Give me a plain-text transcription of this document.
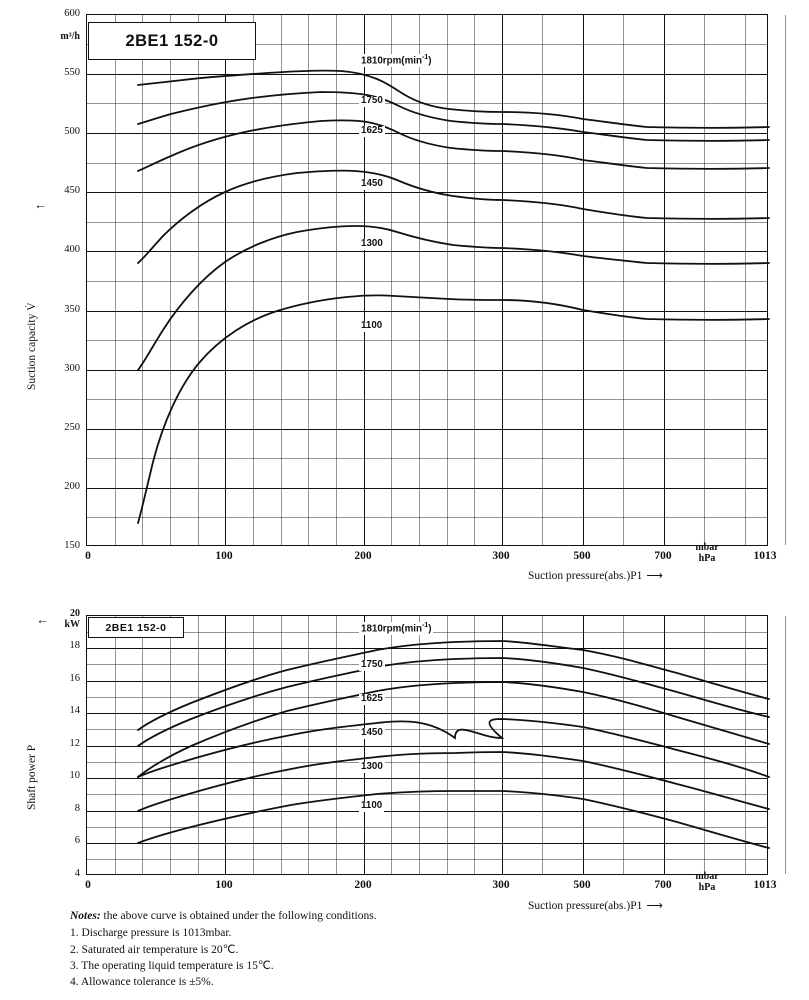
$1810rpm(\min^{-1})$
1750
1625
1450
1300
1100
2BE1 152-0
m³/h
600
550
500
450
400
350
300
250
200
150
↑
Suction capacity V
0	100	200	300	500	700	1013
mbar
hPa
Suction pressure(abs.)P1 ⟶
$1810rpm(\min^{-1})$
1750
1625
1450
1300
1100
2BE1 152-0
20
kW
18
16
14
12
10
8
6
4
↑
Shaft power P
0	100	200	300	500	700	1013
mbar
hPa
Suction pressure(abs.)P1 ⟶
Notes: the above curve is obtained under the following conditions.
1. Discharge pressure is 1013mbar.
2. Saturated air temperature is 20℃.
3. The operating liquid temperature is 15℃.
4. Allowance tolerance is ±5%.
